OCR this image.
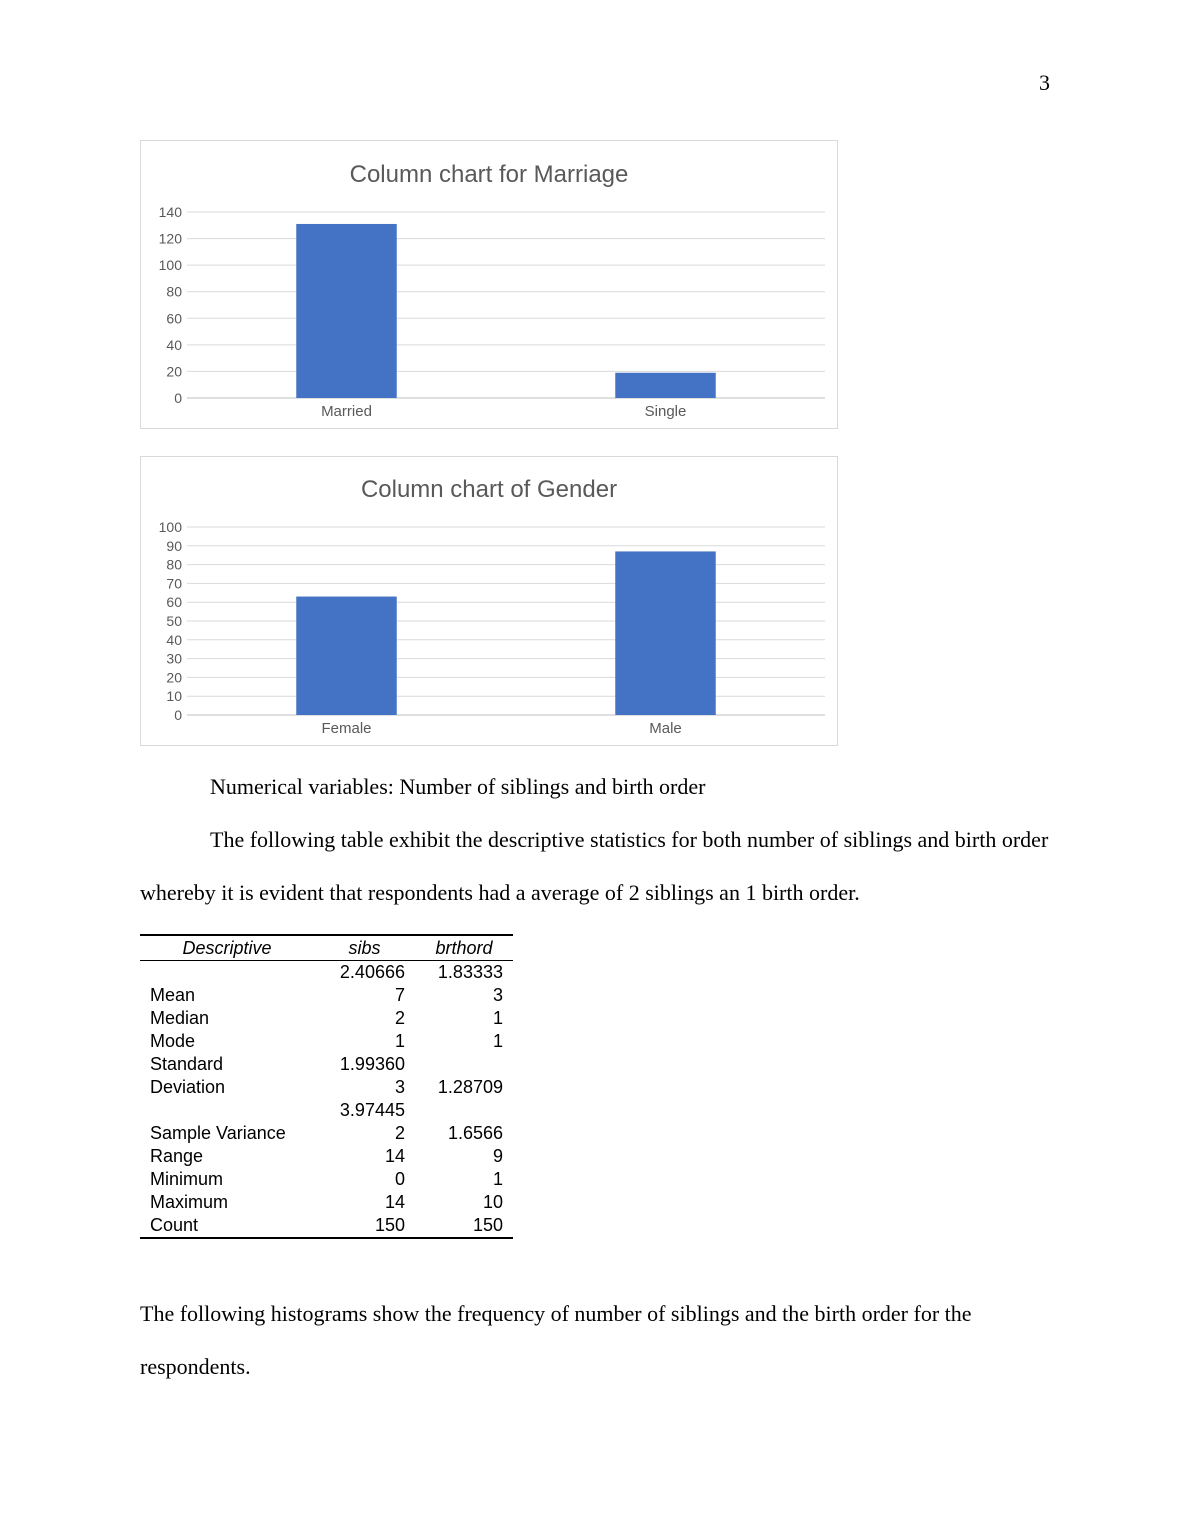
3
Column chart for Marriage
0
20
40
60
80
100
120
140
Married	Single
Column chart of Gender
0
10
20
30
40
50
60
70
80
90
100
Female	Male

Numerical variables: Number of siblings and birth order

The following table exhibit the descriptive statistics for both number of siblings and birth order whereby it is evident that respondents had a average of 2 siblings an 1 birth order.

Descriptive	sibs	brthord
	2.40666	1.83333
Mean	7	3
Median	2	1
Mode	1	1
Standard	1.99360	
Deviation	3	1.28709
	3.97445	
Sample Variance	2	1.6566
Range	14	9
Minimum	0	1
Maximum	14	10
Count	150	150

The following histograms show the frequency of number of siblings and the birth order for the respondents.
